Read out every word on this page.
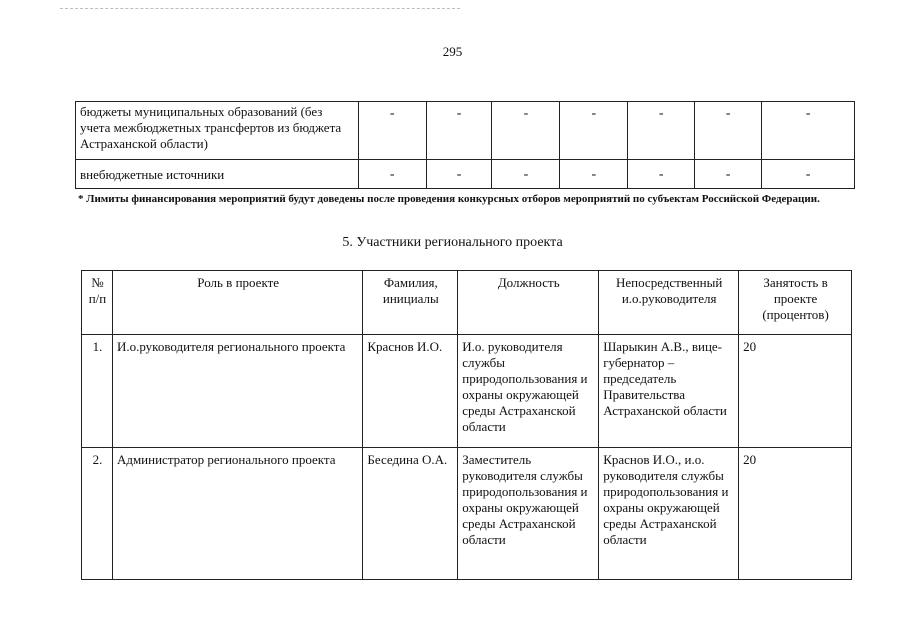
295
бюджеты муниципальных образований (без учета межбюджетных трансфертов из бюджета Астраханской области)	-	-	-	-	-	-	-
внебюджетные источники	-	-	-	-	-	-	-
* Лимиты финансирования мероприятий будут доведены после проведения конкурсных отборов мероприятий по субъектам Российской Федерации.
5. Участники регионального проекта
№ п/п	Роль в проекте	Фамилия, инициалы	Должность	Непосредственный и.о.руководителя	Занятость в проекте (процентов)
1.	И.о.руководителя регионального проекта	Краснов И.О.	И.о. руководителя службы природопользования и охраны окружающей среды Астраханской области	Шарыкин А.В., вице-губернатор – председатель Правительства Астраханской области	20
2.	Администратор регионального проекта	Беседина О.А.	Заместитель руководителя службы природопользования и охраны окружающей среды Астраханской области	Краснов И.О., и.о. руководителя службы природопользования и охраны окружающей среды Астраханской области	20
